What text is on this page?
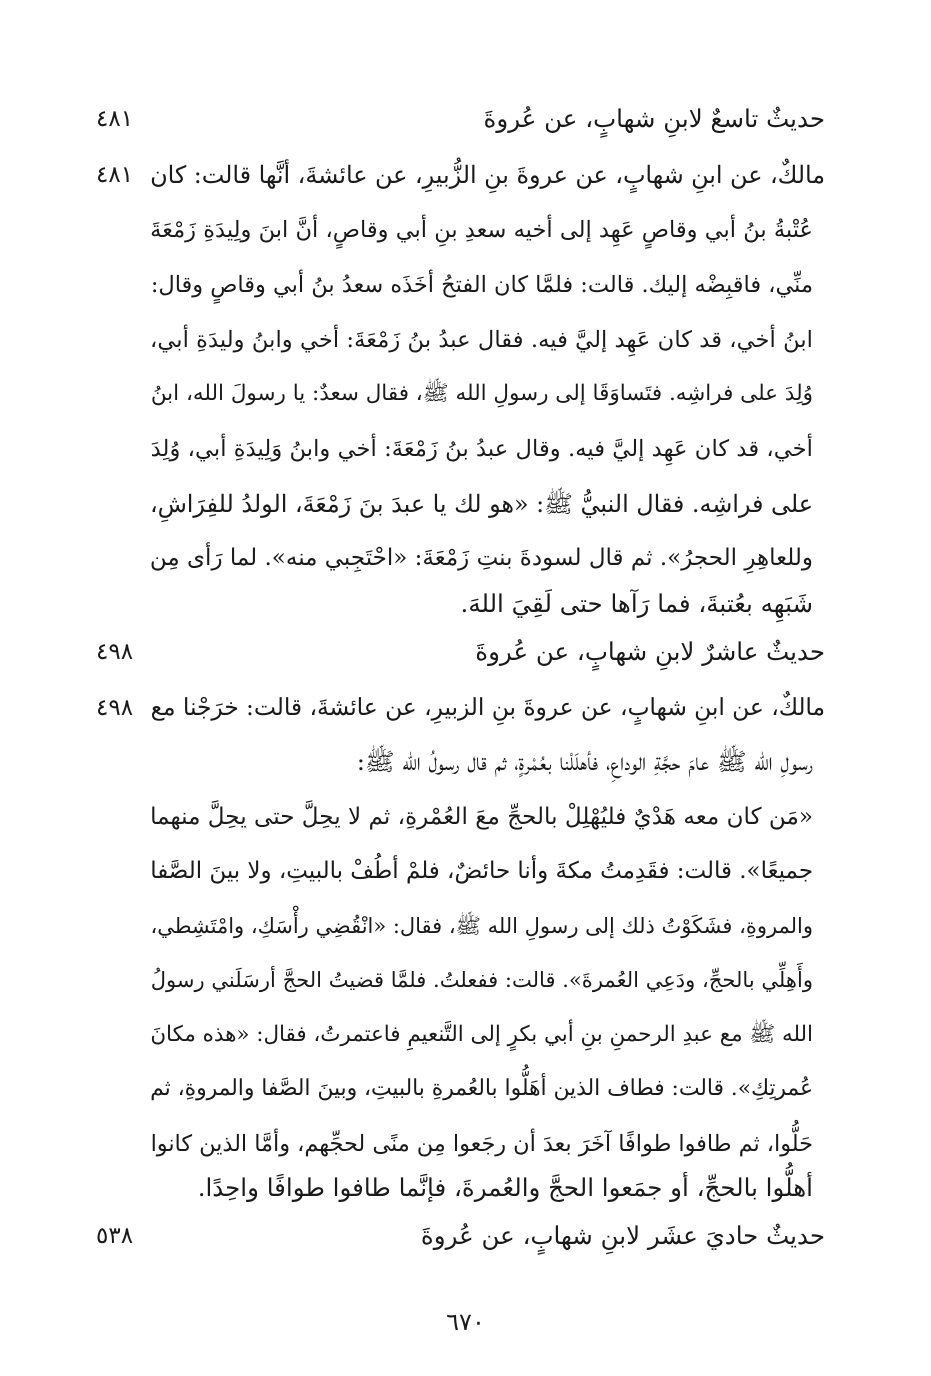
حديثٌ تاسعٌ لابنِ شهابٍ، عن عُروةَ
٤٨١
٤٨١ مالكٌ، عن ابنِ شهابٍ، عن عروةَ بنِ الزُّبيرِ، عن عائشةَ، أنَّها قالت: كان
عُتْبةُ بنُ أبي وقاصٍ عَهِد إلى أخيه سعدِ بنِ أبي وقاصٍ، أنَّ ابنَ ولِيدَةِ زَمْعَةَ
منِّي، فاقبِضْه إليك. قالت: فلمَّا كان الفتحُ أخَذَه سعدُ بنُ أبي وقاصٍ وقال:
ابنُ أخي، قد كان عَهِد إليَّ فيه. فقال عبدُ بنُ زَمْعَةَ: أخي وابنُ وليدَةِ أبي،
وُلِدَ على فراشِه. فتَساوَقَا إلى رسولِ الله ﷺ، فقال سعدٌ: يا رسولَ الله، ابنُ
أخي، قد كان عَهِد إليَّ فيه. وقال عبدُ بنُ زَمْعَةَ: أخي وابنُ وَلِيدَةِ أبي، وُلِدَ
على فراشِه. فقال النبيُّ ﷺ: «هو لك يا عبدَ بنَ زَمْعَةَ، الولدُ للفِرَاشِ،
وللعاهِرِ الحجرُ». ثم قال لسودةَ بنتِ زَمْعَةَ: «احْتَجِبي منه». لما رَأى مِن
شَبَهِه بعُتبةَ، فما رَآها حتى لَقِيَ اللهَ.
حديثٌ عاشرٌ لابنِ شهابٍ، عن عُروةَ
٤٩٨
٤٩٨ مالكٌ، عن ابنِ شهابٍ، عن عروةَ بنِ الزبيرِ، عن عائشةَ، قالت: خرَجْنا مع
رسولِ الله ﷺ عامَ حجَّةِ الوداعِ، فأهلَلْنا بعُمْرةٍ، ثم قال رسولُ الله ﷺ:
«مَن كان معه هَدْيٌ فليُهْلِلْ بالحجِّ معَ العُمْرةِ، ثم لا يحِلَّ حتى يحِلَّ منهما
جميعًا». قالت: فقَدِمتُ مكةَ وأنا حائضٌ، فلمْ أطُفْ بالبيتِ، ولا بينَ الصَّفا
والمروةِ، فشَكَوْتُ ذلك إلى رسولِ الله ﷺ، فقال: «انْقُضِي رأْسَكِ، وامْتَشِطي،
وأَهِلِّي بالحجِّ، ودَعِي العُمرةَ». قالت: ففعلتُ. فلمَّا قضيتُ الحجَّ أرسَلَني رسولُ
الله ﷺ مع عبدِ الرحمنِ بنِ أبي بكرٍ إلى التَّنعيمِ فاعتمرتُ، فقال: «هذه مكانَ
عُمرتِكِ». قالت: فطاف الذين أهَلُّوا بالعُمرةِ بالبيتِ، وبينَ الصَّفا والمروةِ، ثم
حَلُّوا، ثم طافوا طوافًا آخَرَ بعدَ أن رجَعوا مِن منًى لحجِّهم، وأمَّا الذين كانوا
أهلُّوا بالحجِّ، أو جمَعوا الحجَّ والعُمرةَ، فإنَّما طافوا طوافًا واحِدًا.
حديثٌ حاديَ عشَر لابنِ شهابٍ، عن عُروةَ
٥٣٨
٦٧٠
